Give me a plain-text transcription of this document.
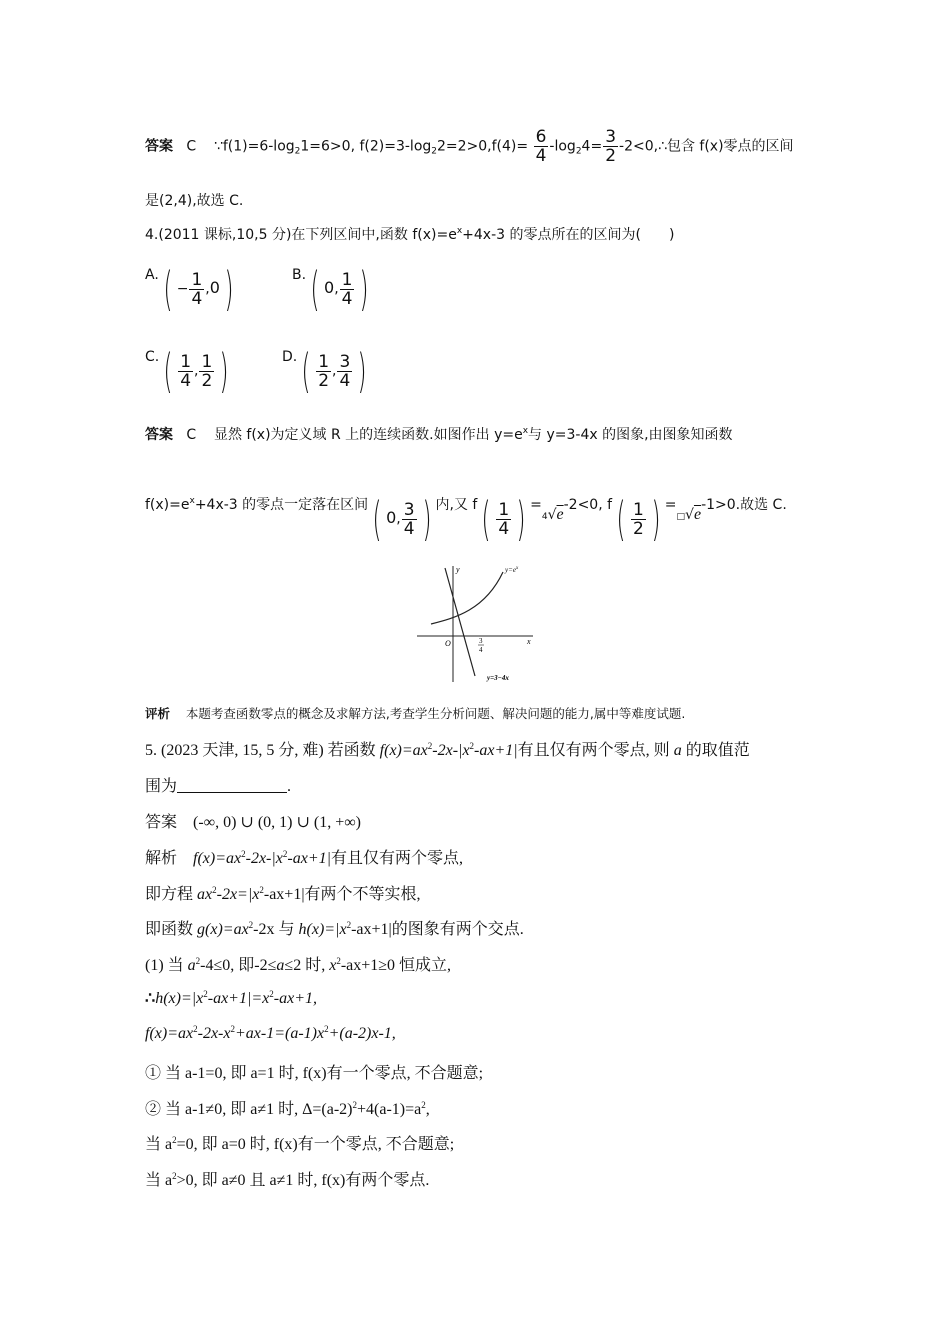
答案 C $\because f(1)=6-\log_21=6>0$, $f(2)=3-\log_22=2>0,f(4)= \frac{6}{4} -\log_24= \frac{3}{2}$ -2<0,∴包含 f(x)零点的区间
是(2,4),故选 C.
4.(2011 课标,10,5 分)在下列区间中,函数 $f(x)=e^x+4x-3$ 的零点所在的区间为(　　)
$A.( - \frac{1}{4} ,0)$	B.( 0, $\frac{1}{4}$ )
$C.( \frac{1}{4}$ , $\frac{1}{2}$ )	$D.( \frac{1}{2}$ , $\frac{3}{4}$ )
答案 C 显然 f(x)为定义域 R 上的连续函数.如图作出 $y=e^x$与 y=3-4x 的图象,由图象知函数
$f(x)=e^x+4x-3$ 的零点一定落在区间( 0, $\frac{3}{4}$ ) 内,又 $f( \frac{1}{4}$ ) =$^4$√e-2<0, $f( \frac{1}{2}$ ) =□√e-1>0.故选 C.
y
x
O	3
4
$y=e^x$
y=3−4x
评析 本题考查函数零点的概念及求解方法,考查学生分析问题、解决问题的能力,属中等难度试题.
5. (2023 天津, 15, 5 分, 难) 若函数 $f(x)=ax^2-2x-|x^2-ax+1|$有且仅有两个零点, 则 a 的取值范
围为	.
答案 (-∞, 0) ∪ (0, 1) ∪ (1, +∞)
解析 $f(x)=ax^2-2x-|x^2-ax+1|$有且仅有两个零点,
即方程 $ax^2-2x=|x^2-ax+1|$有两个不等实根,
即函数 $g(x)=ax^2-2x$ 与 $h(x)=|x^2-ax+1|$的图象有两个交点.
(1) 当 $a^2-4\le 0$, 即-2≤a≤2 时, $x^2-ax+1\ge 0$ 恒成立,
$\therefore h(x)=|x^2-ax+1|=x^2-ax+1$,
$f(x)=ax^2-2x-x^2+ax-1=(a-1)x^2+(a-2)x-1$,
① 当 a-1=0, 即 a=1 时, f(x)有一个零点, 不合题意;
② 当 a-1≠0, 即 a≠1 时, $\Delta=(a-2)^2+4(a-1)=a^2$,
当 $a^2=0$, 即 a=0 时, f(x)有一个零点, 不合题意;
当 $a^2>0$, 即 a≠0 且 a≠1 时, f(x)有两个零点.
